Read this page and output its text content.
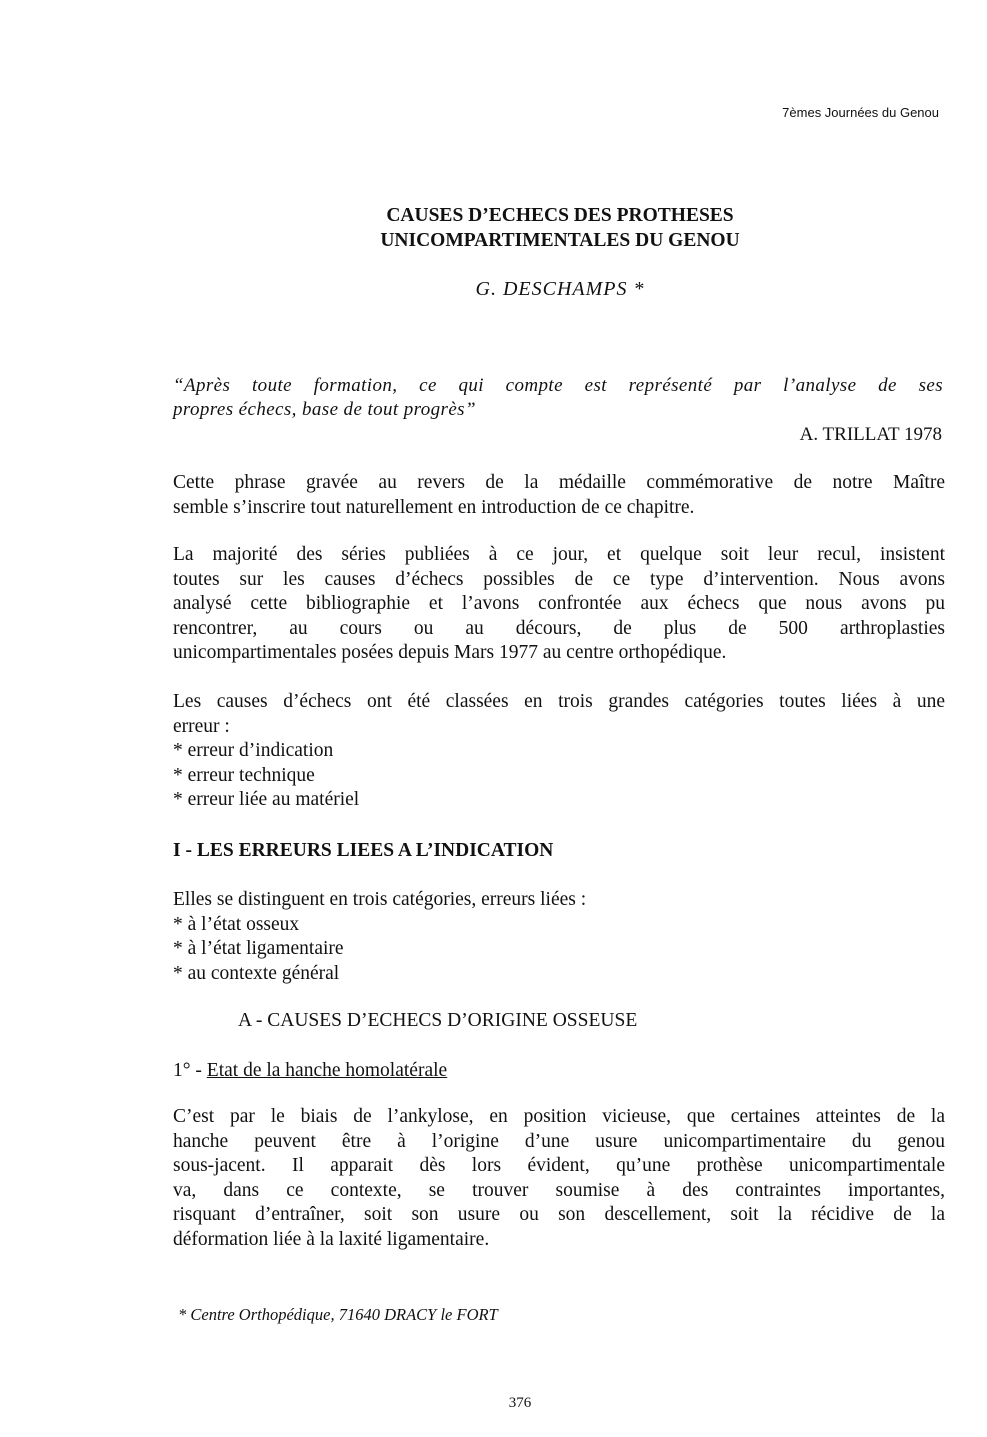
7èmes Journées du Genou
CAUSES D’ECHECS DES PROTHESES
UNICOMPARTIMENTALES DU GENOU
G. DESCHAMPS *
“Après toute formation, ce qui compte est représenté par l’analyse de ses
propres échecs, base de tout progrès”
A. TRILLAT 1978
Cette phrase gravée au revers de la médaille commémorative de notre Maître
semble s’inscrire tout naturellement en introduction de ce chapitre.
La majorité des séries publiées à ce jour, et quelque soit leur recul, insistent
toutes sur les causes d’échecs possibles de ce type d’intervention. Nous avons
analysé cette bibliographie et l’avons confrontée aux échecs que nous avons pu
rencontrer, au cours ou au décours, de plus de 500 arthroplasties
unicompartimentales posées depuis Mars 1977 au centre orthopédique.
Les causes d’échecs ont été classées en trois grandes catégories toutes liées à une
erreur :
* erreur d’indication
* erreur technique
* erreur liée au matériel
I - LES ERREURS LIEES A L’INDICATION
Elles se distinguent en trois catégories, erreurs liées :
* à l’état osseux
* à l’état ligamentaire
* au contexte général
A - CAUSES D’ECHECS D’ORIGINE OSSEUSE
1° - Etat de la hanche homolatérale
C’est par le biais de l’ankylose, en position vicieuse, que certaines atteintes de la
hanche peuvent être à l’origine d’une usure unicompartimentaire du genou
sous-jacent. Il apparait dès lors évident, qu’une prothèse unicompartimentale
va, dans ce contexte, se trouver soumise à des contraintes importantes,
risquant d’entraîner, soit son usure ou son descellement, soit la récidive de la
déformation liée à la laxité ligamentaire.
* Centre Orthopédique, 71640 DRACY le FORT
376
